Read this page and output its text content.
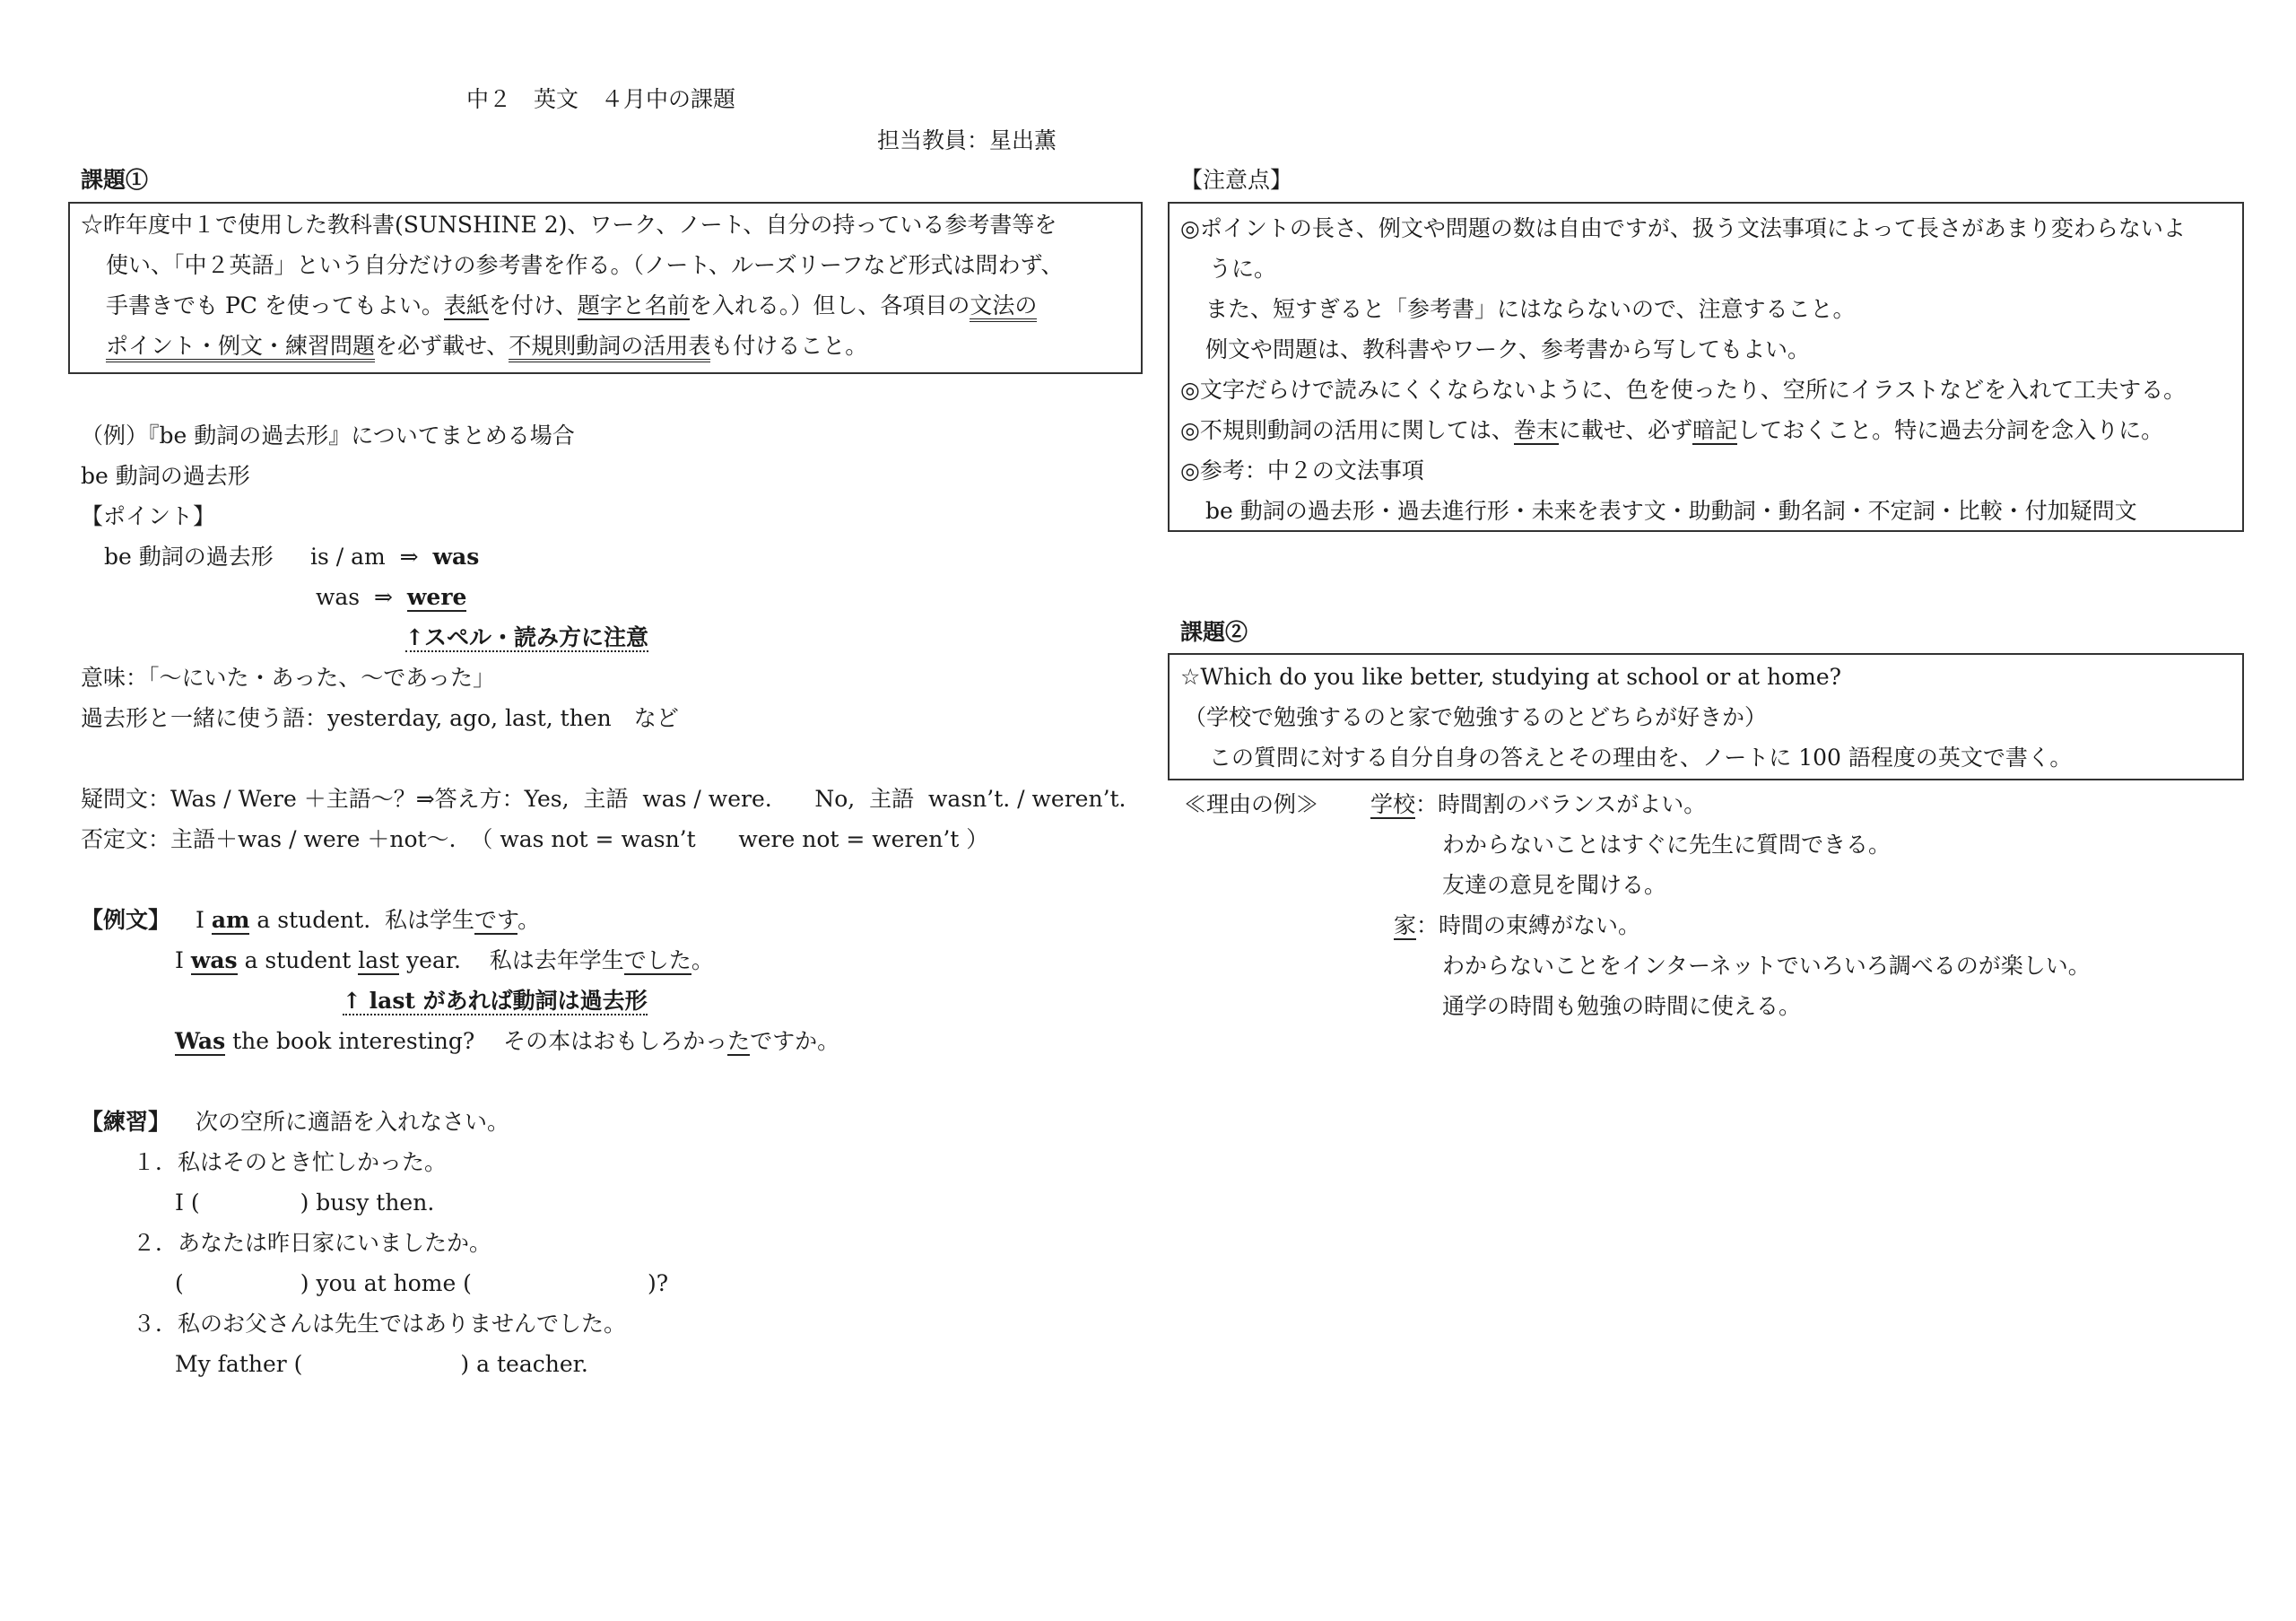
中２　英文　４月中の課題
担当教員：星出薫
課題①
☆昨年度中１で使用した教科書(SUNSHINE 2)、ワーク、ノート、自分の持っている参考書等を
使い、「中２英語」という自分だけの参考書を作る。（ノート、ルーズリーフなど形式は問わず、
手書きでも PC を使ってもよい。表紙を付け、題字と名前を入れる。）但し、各項目の文法の
ポイント・例文・練習問題を必ず載せ、不規則動詞の活用表も付けること。
（例）『be 動詞の過去形』についてまとめる場合
be 動詞の過去形
【ポイント】
be 動詞の過去形 is / am ⇒ was
was ⇒ were
↑スペル・読み方に注意
意味：「～にいた・あった、～であった」
過去形と一緒に使う語：yesterday, ago, last, then　など
疑問文：Was / Were ＋主語～？⇒答え方：Yes,  主語  was / were.      No,  主語  wasn’t. / weren’t.
否定文：主語＋was / were ＋not～.  （ was not = wasn’t      were not = weren’t ）
【例文】 I am a student.  私は学生です。
I was a student last year.    私は去年学生でした。
↑ last があれば動詞は過去形
Was the book interesting?    その本はおもしろかったですか。
【練習】 次の空所に適語を入れなさい。
１．私はそのとき忙しかった。
I (	) busy then.
２．あなたは昨日家にいましたか。
(	) you at home (	)?
３．私のお父さんは先生ではありませんでした。
My father (	) a teacher.
【注意点】
◎ポイントの長さ、例文や問題の数は自由ですが、扱う文法事項によって長さがあまり変わらないよ
うに。
また、短すぎると「参考書」にはならないので、注意すること。
例文や問題は、教科書やワーク、参考書から写してもよい。
◎文字だらけで読みにくくならないように、色を使ったり、空所にイラストなどを入れて工夫する。
◎不規則動詞の活用に関しては、巻末に載せ、必ず暗記しておくこと。特に過去分詞を念入りに。
◎参考：中２の文法事項
be 動詞の過去形・過去進行形・未来を表す文・助動詞・動名詞・不定詞・比較・付加疑問文
課題②
☆Which do you like better, studying at school or at home?
（学校で勉強するのと家で勉強するのとどちらが好きか）
この質問に対する自分自身の答えとその理由を、ノートに 100 語程度の英文で書く。
≪理由の例≫ 学校：時間割のバランスがよい。
わからないことはすぐに先生に質問できる。
友達の意見を聞ける。
家：時間の束縛がない。
わからないことをインターネットでいろいろ調べるのが楽しい。
通学の時間も勉強の時間に使える。
